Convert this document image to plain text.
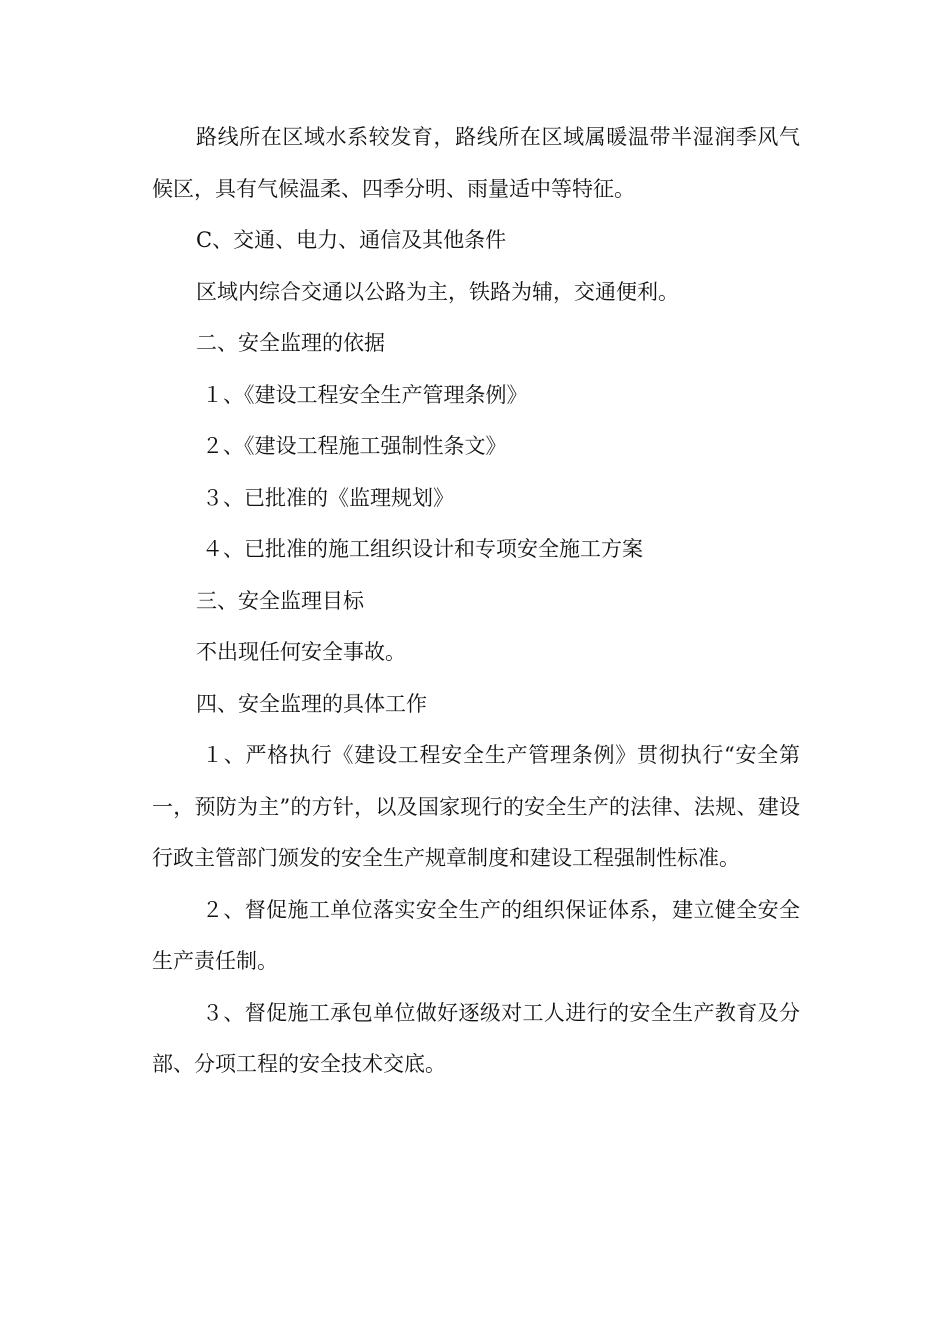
路线所在区域水系较发育，路线所在区域属暖温带半湿润季风气候区，具有气候温柔、四季分明、雨量适中等特征。

C、交通、电力、通信及其他条件

区域内综合交通以公路为主，铁路为辅，交通便利。

二、安全监理的依据

１、《建设工程安全生产管理条例》

２、《建设工程施工强制性条文》

３、已批准的《监理规划》

４、已批准的施工组织设计和专项安全施工方案

三、安全监理目标

不出现任何安全事故。

四、安全监理的具体工作

１、严格执行《建设工程安全生产管理条例》贯彻执行“安全第一，预防为主”的方针，以及国家现行的安全生产的法律、法规、建设行政主管部门颁发的安全生产规章制度和建设工程强制性标准。

２、督促施工单位落实安全生产的组织保证体系，建立健全安全生产责任制。

３、督促施工承包单位做好逐级对工人进行的安全生产教育及分部、分项工程的安全技术交底。
